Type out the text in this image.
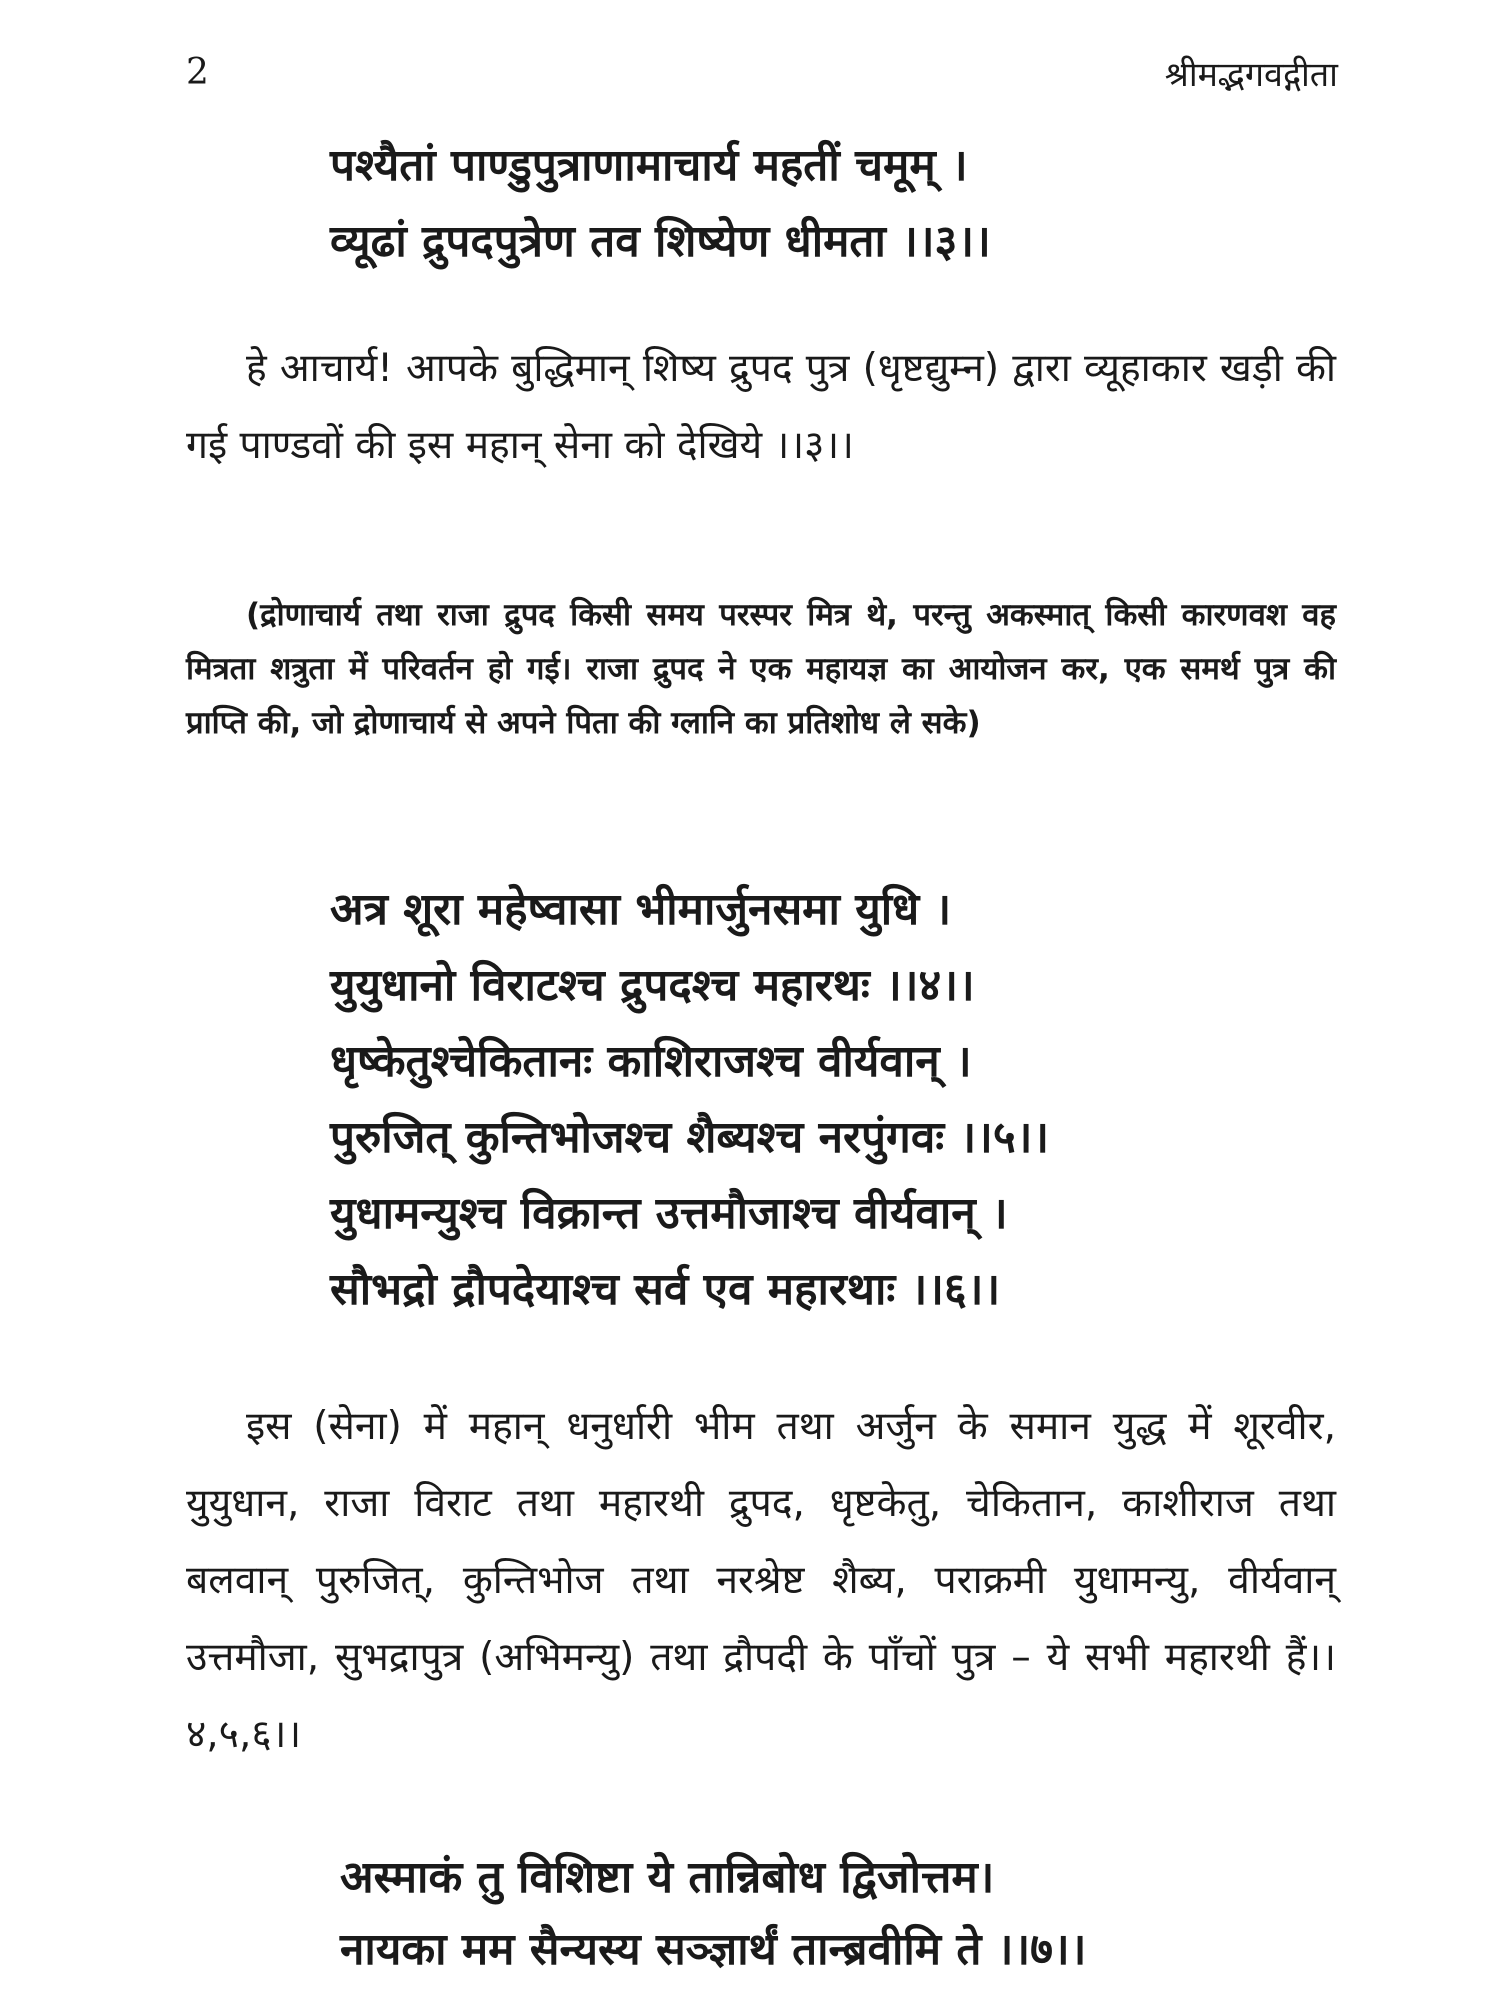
2	श्रीमद्भगवद्गीता
पश्यैतां पाण्डुपुत्राणामाचार्य महतीं चमूम् ।
व्यूढां द्रुपदपुत्रेण तव शिष्येण धीमता ।।३।।
हे आचार्य! आपके बुद्धिमान् शिष्य द्रुपद पुत्र (धृष्टद्युम्न) द्वारा व्यूहाकार खड़ी की गई पाण्डवों की इस महान् सेना को देखिये ।।३।।
(द्रोणाचार्य तथा राजा द्रुपद किसी समय परस्पर मित्र थे, परन्तु अकस्मात् किसी कारणवश वह मित्रता शत्रुता में परिवर्तन हो गई। राजा द्रुपद ने एक महायज्ञ का आयोजन कर, एक समर्थ पुत्र की प्राप्ति की, जो द्रोणाचार्य से अपने पिता की ग्लानि का प्रतिशोध ले सके)
अत्र शूरा महेष्वासा भीमार्जुनसमा युधि ।
युयुधानो विराटश्च द्रुपदश्च महारथः ।।४।।
धृष्केतुश्चेकितानः काशिराजश्च वीर्यवान् ।
पुरुजित् कुन्तिभोजश्च शैब्यश्च नरपुंगवः ।।५।।
युधामन्युश्च विक्रान्त उत्तमौजाश्च वीर्यवान् ।
सौभद्रो द्रौपदेयाश्च सर्व एव महारथाः ।।६।।
इस (सेना) में महान् धनुर्धारी भीम तथा अर्जुन के समान युद्ध में शूरवीर, युयुधान, राजा विराट तथा महारथी द्रुपद, धृष्टकेतु, चेकितान, काशीराज तथा बलवान् पुरुजित्, कुन्तिभोज तथा नरश्रेष्ट शैब्य, पराक्रमी युधामन्यु, वीर्यवान् उत्तमौजा, सुभद्रापुत्र (अभिमन्यु) तथा द्रौपदी के पाँचों पुत्र – ये सभी महारथी हैं।।४,५,६।।
अस्माकं तु विशिष्टा ये तान्निबोध द्विजोत्तम।
नायका मम सैन्यस्य सञ्ज्ञार्थं तान्ब्रवीमि ते ।।७।।
